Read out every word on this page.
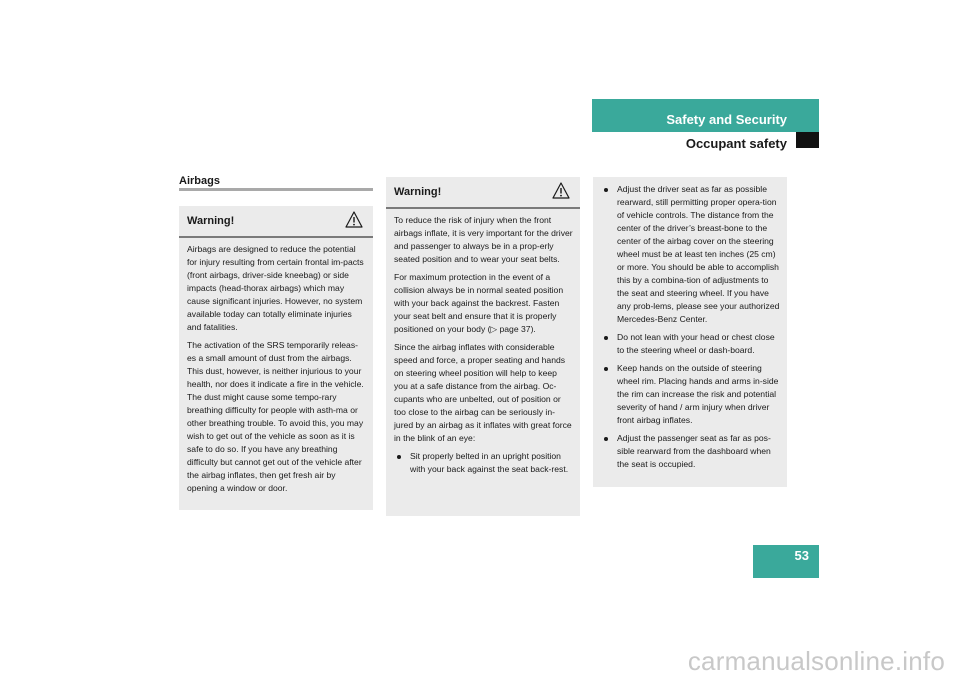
Safety and Security
Occupant safety
Airbags
Warning!

Airbags are designed to reduce the potential for injury resulting from certain frontal im-pacts (front airbags, driver-side kneebag) or side impacts (head-thorax airbags) which may cause significant injuries. However, no system available today can totally eliminate injuries and fatalities.

The activation of the SRS temporarily releas-es a small amount of dust from the airbags. This dust, however, is neither injurious to your health, nor does it indicate a fire in the vehicle. The dust might cause some tempo-rary breathing difficulty for people with asth-ma or other breathing trouble. To avoid this, you may wish to get out of the vehicle as soon as it is safe to do so. If you have any breathing difficulty but cannot get out of the vehicle after the airbag inflates, then get fresh air by opening a window or door.

Warning!

To reduce the risk of injury when the front airbags inflate, it is very important for the driver and passenger to always be in a prop-erly seated position and to wear your seat belts.

For maximum protection in the event of a collision always be in normal seated position with your back against the backrest. Fasten your seat belt and ensure that it is properly positioned on your body (▷ page 37).

Since the airbag inflates with considerable speed and force, a proper seating and hands on steering wheel position will help to keep you at a safe distance from the airbag. Oc-cupants who are unbelted, out of position or too close to the airbag can be seriously in-jured by an airbag as it inflates with great force in the blink of an eye:

Sit properly belted in an upright position with your back against the seat back-rest.
Adjust the driver seat as far as possible rearward, still permitting proper opera-tion of vehicle controls. The distance from the center of the driver’s breast-bone to the center of the airbag cover on the steering wheel must be at least ten inches (25 cm) or more. You should be able to accomplish this by a combina-tion of adjustments to the seat and steering wheel. If you have any prob-lems, please see your authorized Mercedes-Benz Center.
Do not lean with your head or chest close to the steering wheel or dash-board.
Keep hands on the outside of steering wheel rim. Placing hands and arms in-side the rim can increase the risk and potential severity of hand / arm injury when driver front airbag inflates.
Adjust the passenger seat as far as pos-sible rearward from the dashboard when the seat is occupied.
53
carmanualsonline.info
